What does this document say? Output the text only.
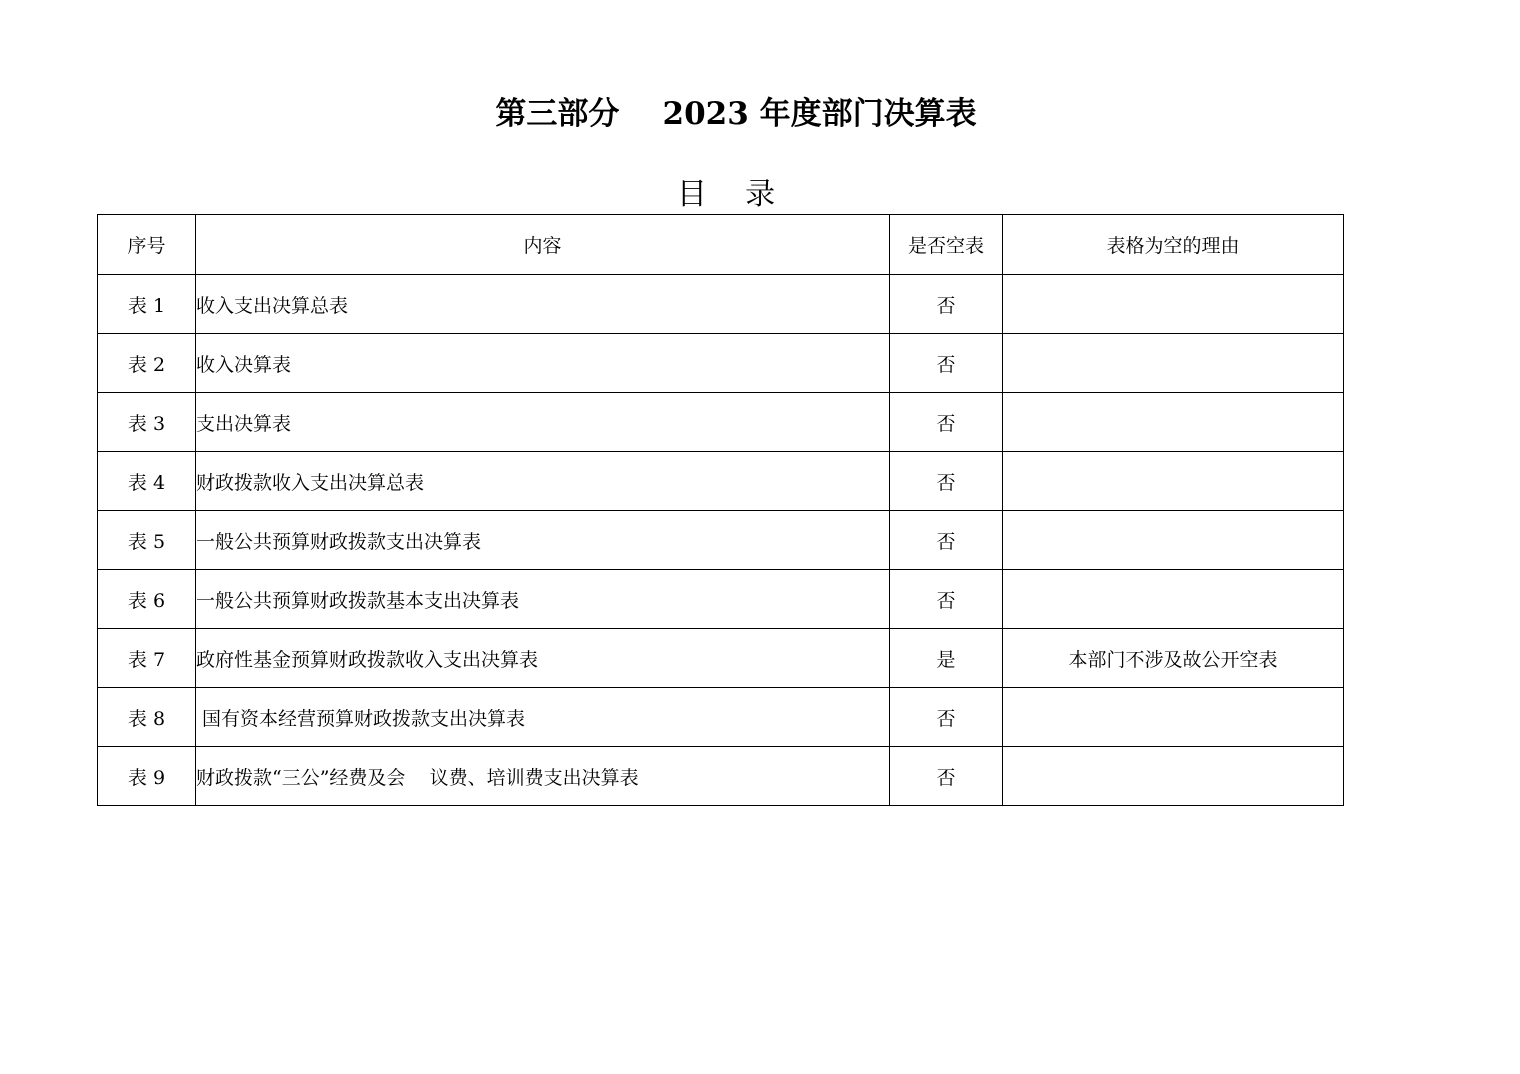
第三部分    2023 年度部门决算表
目    录
序号	内容	是否空表	表格为空的理由
表 1	收入支出决算总表	否	
表 2	收入决算表	否	
表 3	支出决算表	否	
表 4	财政拨款收入支出决算总表	否	
表 5	一般公共预算财政拨款支出决算表	否	
表 6	一般公共预算财政拨款基本支出决算表	否	
表 7	政府性基金预算财政拨款收入支出决算表	是	本部门不涉及故公开空表
表 8	国有资本经营预算财政拨款支出决算表	否	
表 9	财政拨款“三公”经费及会    议费、培训费支出决算表	否	
